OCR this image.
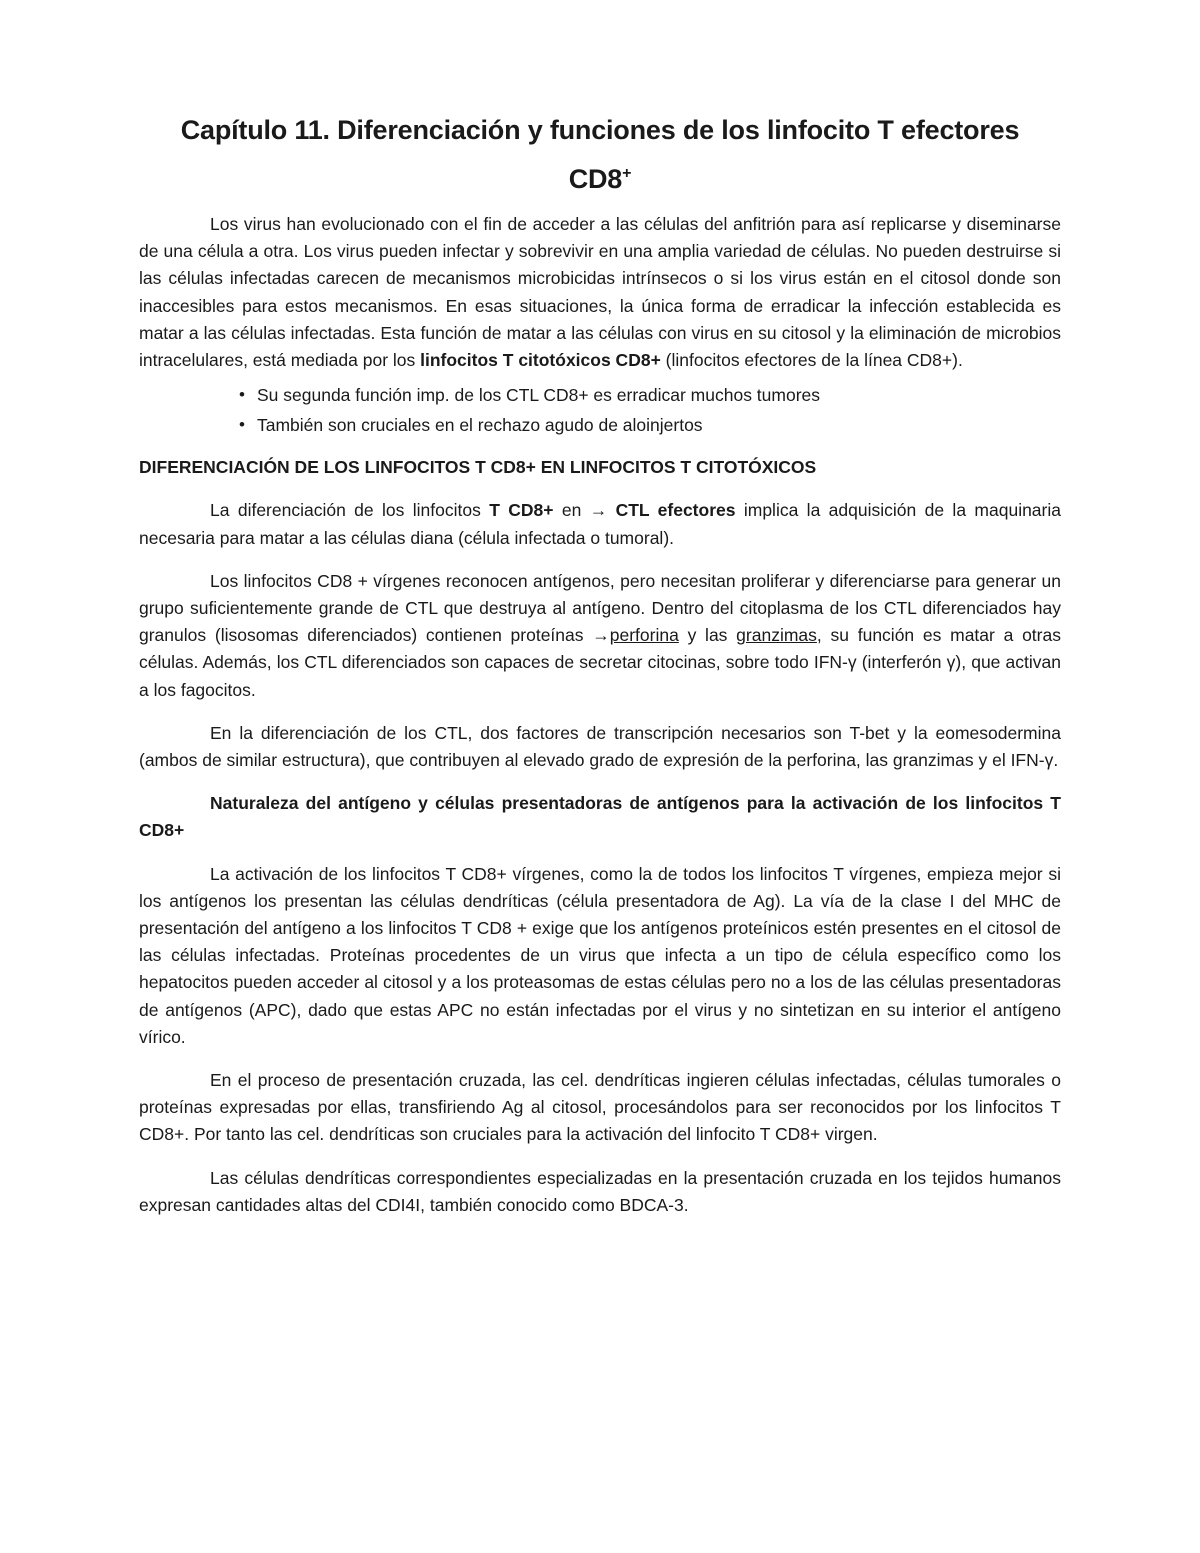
Capítulo 11. Diferenciación y funciones de los linfocito T efectores
CD8+

Los virus han evolucionado con el fin de acceder a las células del anfitrión para así replicarse y diseminarse de una célula a otra. Los virus pueden infectar y sobrevivir en una amplia variedad de células. No pueden destruirse si las células infectadas carecen de mecanismos microbicidas intrínsecos o si los virus están en el citosol donde son inaccesibles para estos mecanismos. En esas situaciones, la única forma de erradicar la infección establecida es matar a las células infectadas. Esta función de matar a las células con virus en su citosol y la eliminación de microbios intracelulares, está mediada por los linfocitos T citotóxicos CD8+ (linfocitos efectores de la línea CD8+).

• Su segunda función imp. de los CTL CD8+ es erradicar muchos tumores
• También son cruciales en el rechazo agudo de aloinjertos

DIFERENCIACIÓN DE LOS LINFOCITOS T CD8+ EN LINFOCITOS T CITOTÓXICOS

La diferenciación de los linfocitos T CD8+ en → CTL efectores implica la adquisición de la maquinaria necesaria para matar a las células diana (célula infectada o tumoral).

Los linfocitos CD8 + vírgenes reconocen antígenos, pero necesitan proliferar y diferenciarse para generar un grupo suficientemente grande de CTL que destruya al antígeno. Dentro del citoplasma de los CTL diferenciados hay granulos (lisosomas diferenciados) contienen proteínas →perforina y las granzimas, su función es matar a otras células. Además, los CTL diferenciados son capaces de secretar citocinas, sobre todo IFN-γ (interferón γ), que activan a los fagocitos.

En la diferenciación de los CTL, dos factores de transcripción necesarios son T-bet y la eomesodermina (ambos de similar estructura), que contribuyen al elevado grado de expresión de la perforina, las granzimas y el IFN-γ.

Naturaleza del antígeno y células presentadoras de antígenos para la activación de los linfocitos T CD8+

La activación de los linfocitos T CD8+ vírgenes, como la de todos los linfocitos T vírgenes, empieza mejor si los antígenos los presentan las células dendríticas (célula presentadora de Ag). La vía de la clase I del MHC de presentación del antígeno a los linfocitos T CD8 + exige que los antígenos proteínicos estén presentes en el citosol de las células infectadas. Proteínas procedentes de un virus que infecta a un tipo de célula específico como los hepatocitos pueden acceder al citosol y a los proteasomas de estas células pero no a los de las células presentadoras de antígenos (APC), dado que estas APC no están infectadas por el virus y no sintetizan en su interior el antígeno vírico.

En el proceso de presentación cruzada, las cel. dendríticas ingieren células infectadas, células tumorales o proteínas expresadas por ellas, transfiriendo Ag al citosol, procesándolos para ser reconocidos por los linfocitos T CD8+. Por tanto las cel. dendríticas son cruciales para la activación del linfocito T CD8+ virgen.

Las células dendríticas correspondientes especializadas en la presentación cruzada en los tejidos humanos expresan cantidades altas del CDI4I, también conocido como BDCA-3.
